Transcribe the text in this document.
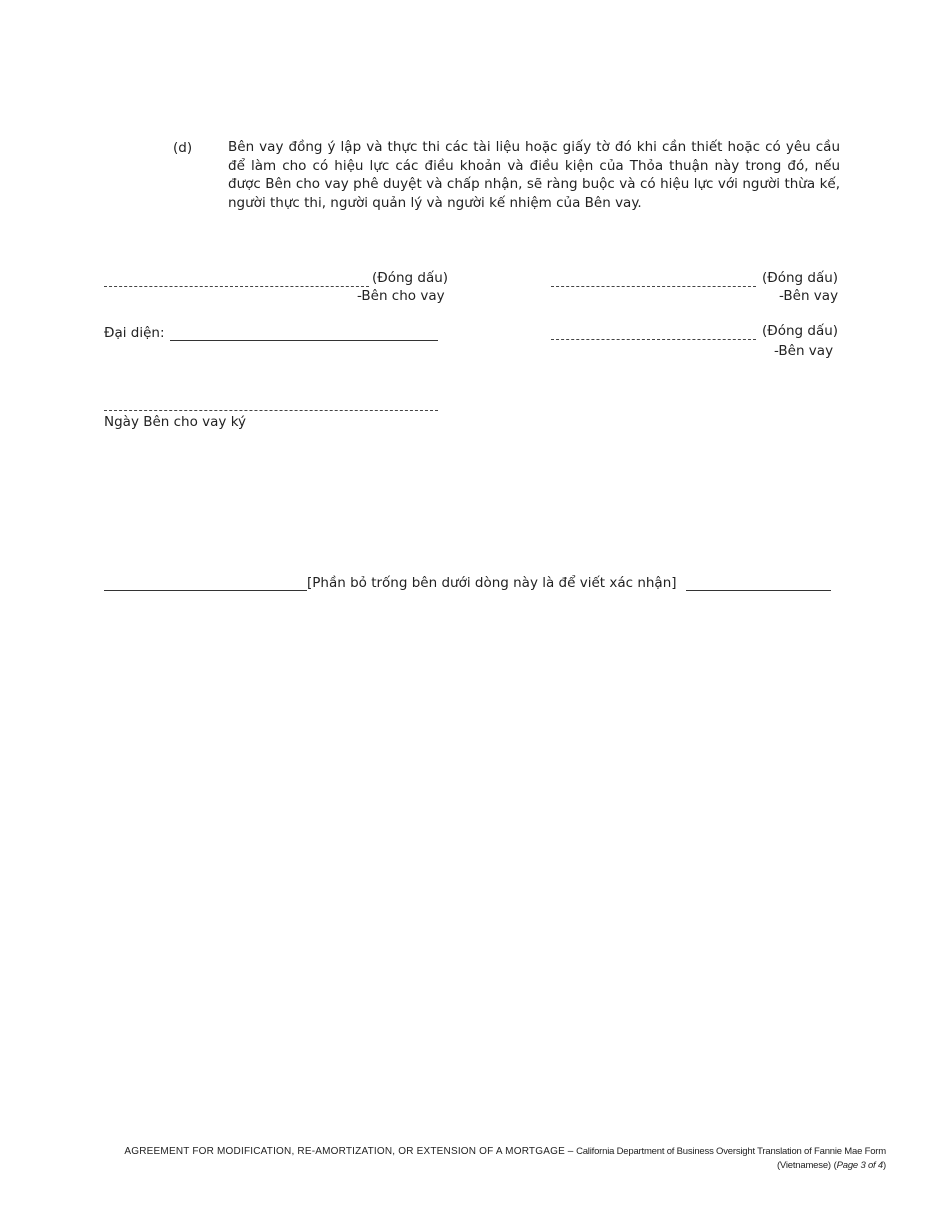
(d)	Bên vay đồng ý lập và thực thi các tài liệu hoặc giấy tờ đó khi cần thiết hoặc có yêu cầu để làm cho có hiệu lực các điều khoản và điều kiện của Thỏa thuận này trong đó, nếu được Bên cho vay phê duyệt và chấp nhận, sẽ ràng buộc và có hiệu lực với người thừa kế, người thực thi, người quản lý và người kế nhiệm của Bên vay.
(Đóng dấu)
-Bên cho vay
Đại diện:
Ngày Bên cho vay ký
(Đóng dấu)
-Bên vay
(Đóng dấu)
-Bên vay
[Phần bỏ trống bên dưới dòng này là để viết xác nhận]
AGREEMENT FOR MODIFICATION, RE-AMORTIZATION, OR EXTENSION OF A MORTGAGE – California Department of Business Oversight Translation of Fannie Mae Form
(Vietnamese) (Page 3 of 4)
